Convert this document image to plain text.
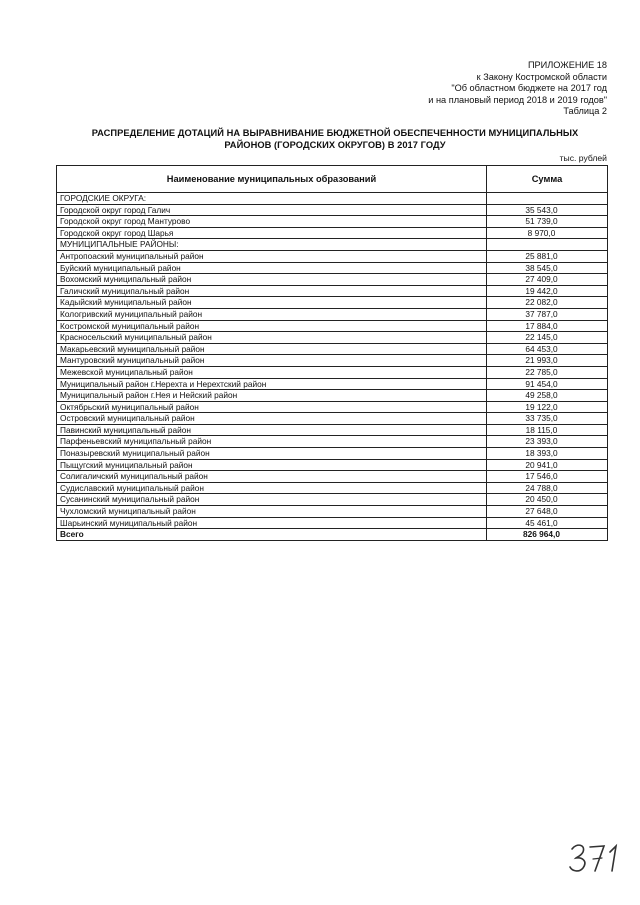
ПРИЛОЖЕНИЕ 18
к Закону Костромской области
"Об областном бюджете на 2017 год
и на плановый период 2018 и 2019 годов"
Таблица 2
РАСПРЕДЕЛЕНИЕ ДОТАЦИЙ НА ВЫРАВНИВАНИЕ БЮДЖЕТНОЙ ОБЕСПЕЧЕННОСТИ МУНИЦИПАЛЬНЫХ
РАЙОНОВ (ГОРОДСКИХ ОКРУГОВ) В 2017 ГОДУ
тыс. рублей
Наименование муниципальных образований	Сумма
ГОРОДСКИЕ ОКРУГА:	
Городской округ город Галич	35 543,0
Городской округ город Мантурово	51 739,0
Городской округ город Шарья	8 970,0
МУНИЦИПАЛЬНЫЕ РАЙОНЫ:	
Антропоаский муниципальный район	25 881,0
Буйский муниципальный район	38 545,0
Вохомский муниципальный район	27 409,0
Галичский муниципальный район	19 442,0
Кадыйский муниципальный район	22 082,0
Кологривский муниципальный район	37 787,0
Костромской муниципальный район	17 884,0
Красносельский муниципальный район	22 145,0
Макарьевский муниципальный район	64 453,0
Мантуровский муниципальный район	21 993,0
Межевской муниципальный район	22 785,0
Муниципальный район г.Нерехта и Нерехтский район	91 454,0
Муниципальный район г.Нея и Нейский район	49 258,0
Октябрьский муниципальный район	19 122,0
Островский муниципальный район	33 735,0
Павинский муниципальный район	18 115,0
Парфеньевский муниципальный район	23 393,0
Поназыревский муниципальный район	18 393,0
Пыщугский муниципальный район	20 941,0
Солигаличский муниципальный район	17 546,0
Судиславский муниципальный район	24 788,0
Сусанинский муниципальный район	20 450,0
Чухломский муниципальный район	27 648,0
Шарьинский муниципальный район	45 461,0
Всего	826 964,0
